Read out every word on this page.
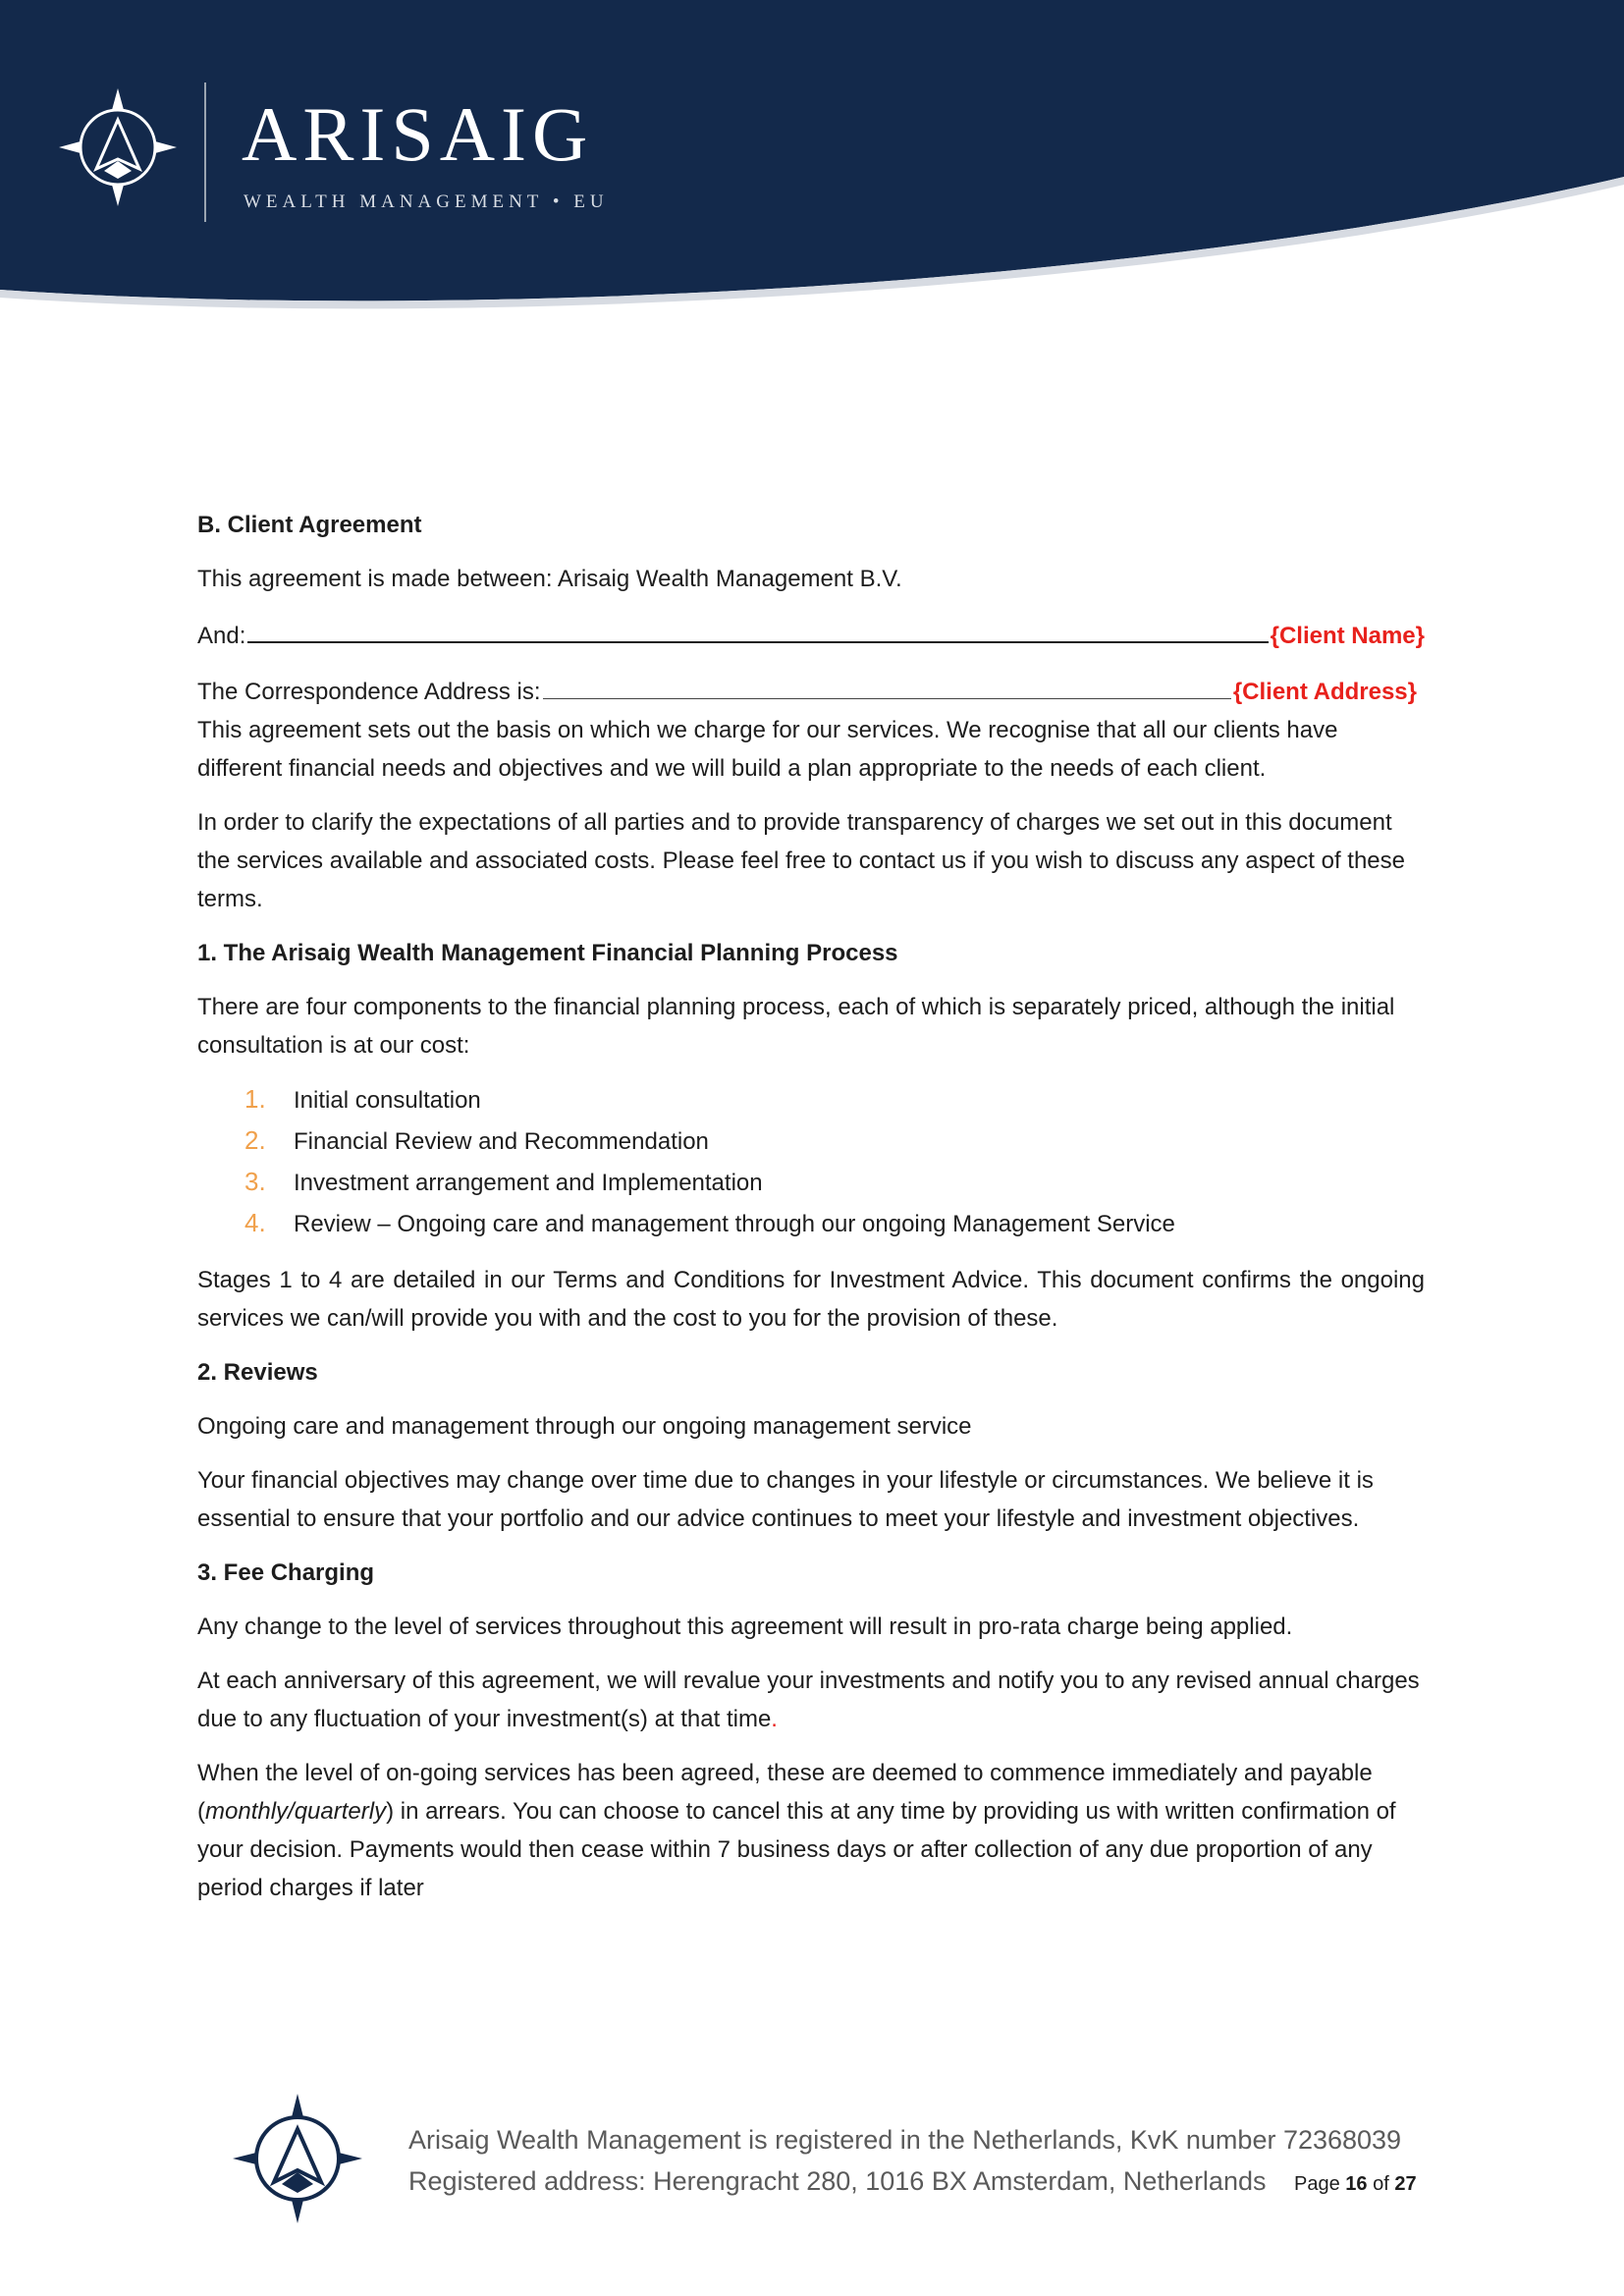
ARISAIG
WEALTH MANAGEMENT • EU

B. Client Agreement

This agreement is made between: Arisaig Wealth Management B.V.

And:	{Client Name}
The Correspondence Address is:	{Client Address}

This agreement sets out the basis on which we charge for our services. We recognise that all our clients have different financial needs and objectives and we will build a plan appropriate to the needs of each client.

In order to clarify the expectations of all parties and to provide transparency of charges we set out in this document the services available and associated costs. Please feel free to contact us if you wish to discuss any aspect of these terms.

1. The Arisaig Wealth Management Financial Planning Process

There are four components to the financial planning process, each of which is separately priced, although the initial consultation is at our cost:

1.	Initial consultation
2.	Financial Review and Recommendation
3.	Investment arrangement and Implementation
4.	Review – Ongoing care and management through our ongoing Management Service

Stages 1 to 4 are detailed in our Terms and Conditions for Investment Advice. This document confirms the ongoing services we can/will provide you with and the cost to you for the provision of these.

2. Reviews

Ongoing care and management through our ongoing management service

Your financial objectives may change over time due to changes in your lifestyle or circumstances. We believe it is essential to ensure that your portfolio and our advice continues to meet your lifestyle and investment objectives.

3. Fee Charging

Any change to the level of services throughout this agreement will result in pro-rata charge being applied.

At each anniversary of this agreement, we will revalue your investments and notify you to any revised annual charges due to any fluctuation of your investment(s) at that time.

When the level of on-going services has been agreed, these are deemed to commence immediately and payable (monthly/quarterly) in arrears. You can choose to cancel this at any time by providing us with written confirmation of your decision. Payments would then cease within 7 business days or after collection of any due proportion of any period charges if later

Arisaig Wealth Management is registered in the Netherlands, KvK number 72368039
Registered address: Herengracht 280, 1016 BX Amsterdam, Netherlands	Page 16 of 27
